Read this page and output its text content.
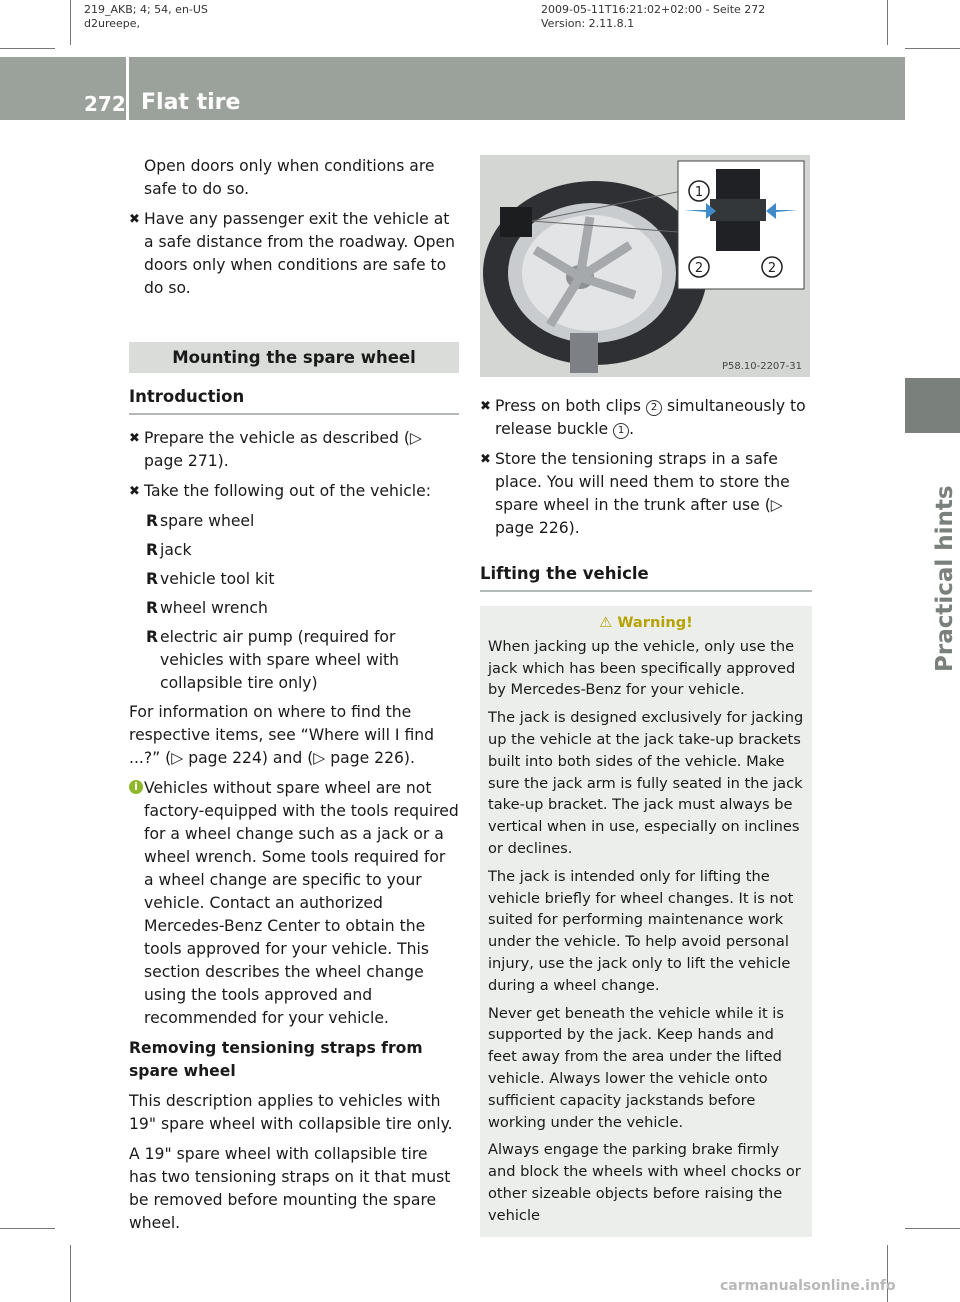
219_AKB; 4; 54, en-US
d2ureepe,
2009-05-11T16:21:02+02:00 - Seite 272
Version: 2.11.8.1
272 Flat tire
Practical hints

Open doors only when conditions are safe to do so.

✖ Have any passenger exit the vehicle at a safe distance from the roadway. Open doors only when conditions are safe to do so.
Mounting the spare wheel
Introduction
✖ Prepare the vehicle as described (▷ page 271).
✖ Take the following out of the vehicle:
R spare wheel
R jack
R vehicle tool kit
R wheel wrench
R electric air pump (required for vehicles with spare wheel with collapsible tire only)

For information on where to find the respective items, see “Where will I find ...?” (▷ page 224) and (▷ page 226).

i Vehicles without spare wheel are not factory-equipped with the tools required for a wheel change such as a jack or a wheel wrench. Some tools required for a wheel change are specific to your vehicle. Contact an authorized Mercedes-Benz Center to obtain the tools approved for your vehicle. This section describes the wheel change using the tools approved and recommended for your vehicle.

Removing tensioning straps from spare wheel

This description applies to vehicles with 19" spare wheel with collapsible tire only.

A 19" spare wheel with collapsible tire has two tensioning straps on it that must be removed before mounting the spare wheel.

1
2	2
P58.10-2207-31
✖ Press on both clips 2 simultaneously to release buckle 1 .
✖ Store the tensioning straps in a safe place. You will need them to store the spare wheel in the trunk after use (▷ page 226).
Lifting the vehicle
⚠ Warning!

When jacking up the vehicle, only use the jack which has been specifically approved by Mercedes-Benz for your vehicle.

The jack is designed exclusively for jacking up the vehicle at the jack take-up brackets built into both sides of the vehicle. Make sure the jack arm is fully seated in the jack take-up bracket. The jack must always be vertical when in use, especially on inclines or declines.

The jack is intended only for lifting the vehicle briefly for wheel changes. It is not suited for performing maintenance work under the vehicle. To help avoid personal injury, use the jack only to lift the vehicle during a wheel change.

Never get beneath the vehicle while it is supported by the jack. Keep hands and feet away from the area under the lifted vehicle. Always lower the vehicle onto sufficient capacity jackstands before working under the vehicle.

Always engage the parking brake firmly and block the wheels with wheel chocks or other sizeable objects before raising the vehicle

carmanualsonline.info
